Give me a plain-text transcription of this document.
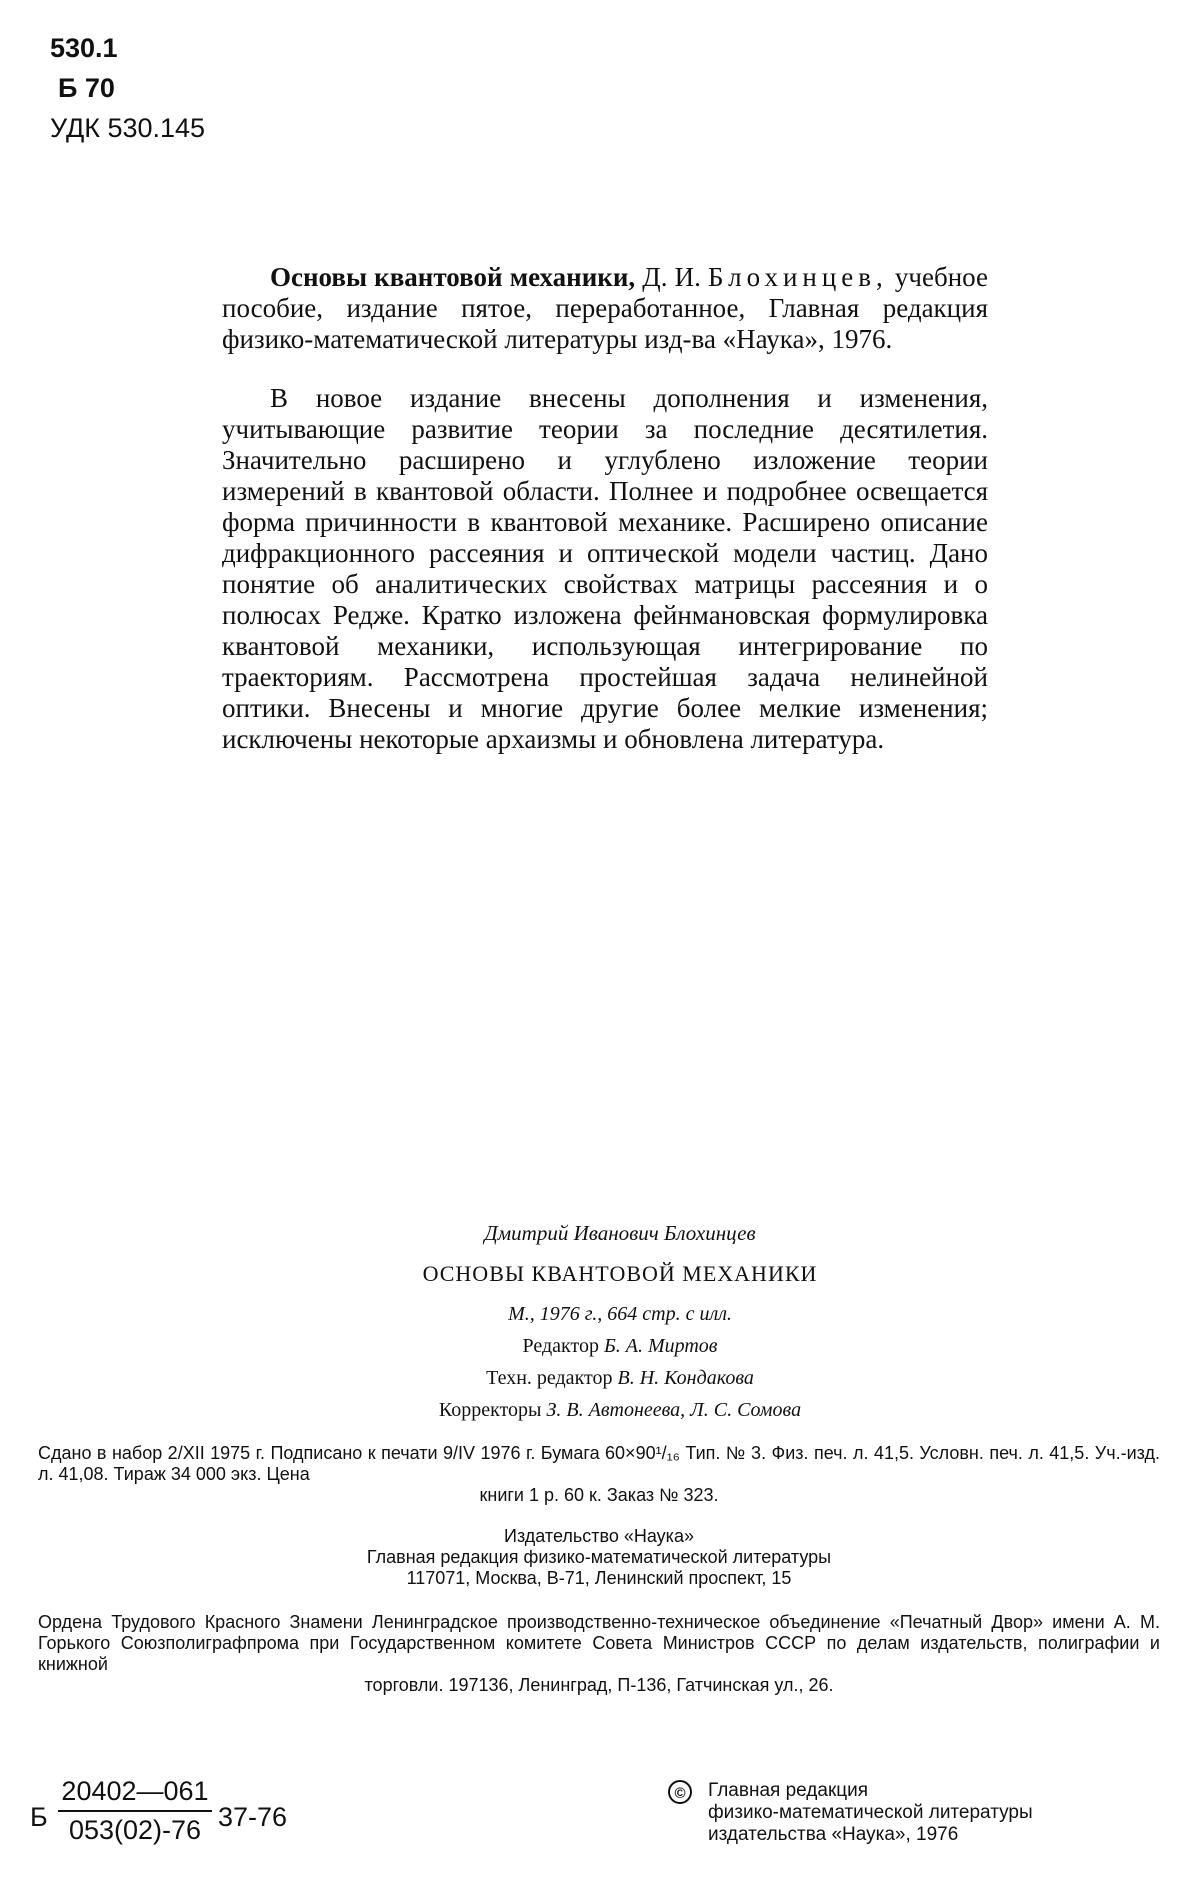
530.1
Б 70
УДК 530.145

Основы квантовой механики, Д. И. Блохинцев, учебное пособие, издание пятое, переработанное, Главная редакция физико-математической литературы изд-ва «Наука», 1976.

В новое издание внесены дополнения и изменения, учитывающие развитие теории за последние десятилетия. Значительно расширено и углублено изложение теории измерений в квантовой области. Полнее и подробнее освещается форма причинности в квантовой механике. Расширено описание дифракционного рассеяния и оптической модели частиц. Дано понятие об аналитических свойствах матрицы рассеяния и о полюсах Редже. Кратко изложена фейнмановская формулировка квантовой механики, использующая интегрирование по траекториям. Рассмотрена простейшая задача нелинейной оптики. Внесены и многие другие более мелкие изменения; исключены некоторые архаизмы и обновлена литература.

Дмитрий Иванович Блохинцев
ОСНОВЫ КВАНТОВОЙ МЕХАНИКИ
М., 1976 г., 664 стр. с илл.
Редактор Б. А. Миртов
Техн. редактор В. Н. Кондакова
Корректоры З. В. Автонеева, Л. С. Сомова
Сдано в набор 2/XII 1975 г. Подписано к печати 9/IV 1976 г. Бумага 60×90¹/₁₆ Тип. № 3. Физ. печ. л. 41,5. Условн. печ. л. 41,5. Уч.-изд. л. 41,08. Тираж 34 000 экз. Цена
книги 1 р. 60 к. Заказ № 323.
Издательство «Наука»
Главная редакция физико-математической литературы
117071, Москва, В-71, Ленинский проспект, 15
Ордена Трудового Красного Знамени Ленинградское производственно-техническое объединение «Печатный Двор» имени А. М. Горького Союзполиграфпрома при Государственном комитете Совета Министров СССР по делам издательств, полиграфии и книжной
торговли. 197136, Ленинград, П-136, Гатчинская ул., 26.
Б
20402—061
053(02)-76 37-76
©	Главная редакция
физико-математической литературы
издательства «Наука», 1976
